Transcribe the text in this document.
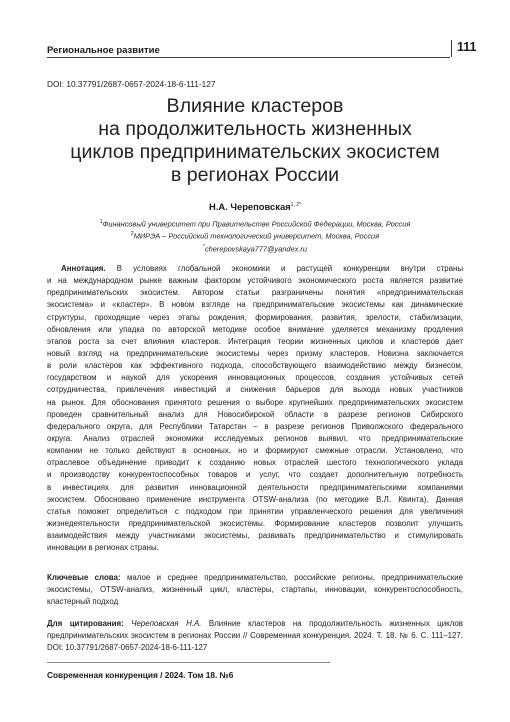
Региональное развитие	111
DOI: 10.37791/2687-0657-2024-18-6-111-127
Влияние кластеров
на продолжительность жизненных
циклов предпринимательских экосистем
в регионах России
Н.А. Череповская$^{1, 2*}$
$^1$Финансовый университет при Правительстве Российской Федерации, Москва, Россия
$^2$МИРЭА – Российский технологический университет, Москва, Россия
*cherepovskaya777@yandex.ru
Аннотация. В условиях глобальной экономики и растущей конкуренции внутри страны
и на международном рынке важным фактором устойчивого экономического роста является развитие
предпринимательских экосистем. Автором статьи разграничены понятия «предпринимательская
экосистема» и «кластер». В новом взгляде на предпринимательские экосистемы как динамические
структуры, проходящие через этапы рождения, формирования, развития, зрелости, стабилизации,
обновления или упадка по авторской методике особое внимание уделяется механизму продления
этапов роста за счет влияния кластеров. Интеграция теории жизненных циклов и кластеров дает
новый взгляд на предпринимательские экосистемы через призму кластеров. Новизна заключается
в роли кластеров как эффективного подхода, способствующего взаимодействию между бизнесом,
государством и наукой для ускорения инновационных процессов, создания устойчивых сетей
сотрудничества, привлечения инвестиций и снижения барьеров для выхода новых участников
на рынок. Для обоснования принятого решения о выборе крупнейших предпринимательских экосистем
проведен сравнительный анализ для Новосибирской области в разрезе регионов Сибирского
федерального округа, для Республики Татарстан – в разрезе регионов Приволжского федерального
округа. Анализ отраслей экономики исследуемых регионов выявил, что предпринимательские
компании не только действуют в основных, но и формируют смежные отрасли. Установлено, что
отраслевое объединение приводит к созданию новых отраслей шестого технологического уклада
и производству конкурентоспособных товаров и услуг, что создает дополнительную потребность
в инвестициях для развития инновационной деятельности предпринимательскими компаниями
экосистем. Обосновано применение инструмента OTSW-анализа (по методике В.Л. Квинта). Данная
статья поможет определиться с подходом при принятии управленческого решения для увеличения
жизнедеятельности предпринимательской экосистемы. Формирование кластеров позволит улучшить
взаимодействия между участниками экосистемы, развивать предпринимательство и стимулировать
инновации в регионах страны.
Ключевые слова: малое и среднее предпринимательство, российские регионы, предпринимательские
экосистемы, OTSW-анализ, жизненный цикл, кластеры, стартапы, инновации, конкурентоспособность,
кластерный подход
Для цитирования: Череповская Н.А. Влияние кластеров на продолжительность жизненных циклов
предпринимательских экосистем в регионах России // Современная конкуренция. 2024. Т. 18. № 6. С. 111–127.
DOI: 10.37791/2687-0657-2024-18-6-111-127
Современная конкуренция / 2024. Том 18. №6
